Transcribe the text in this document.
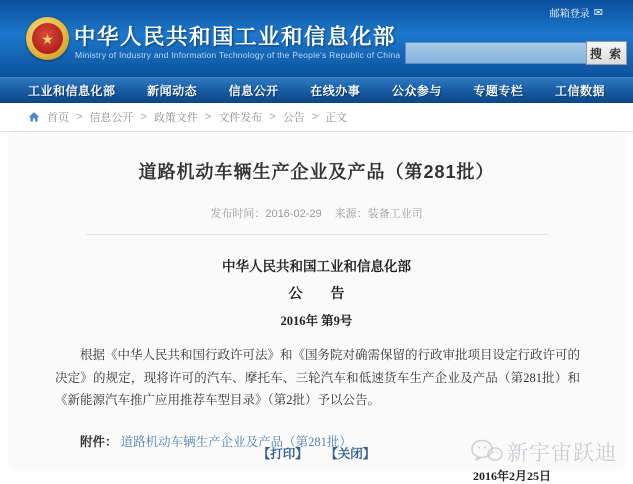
★ 中华人民共和国工业和信息化部
Ministry of Industry and Information Technology of the People's Republic of China
邮箱登录 ✉
搜 索
工业和信息化部	新闻动态	信息公开	在线办事	公众参与	专题专栏	工信数据
首页 > 信息公开 > 政策文件 > 文件发布 > 公告 > 正文
道路机动车辆生产企业及产品（第281批）
发布时间：2016-02-29 来源：装备工业司
中华人民共和国工业和信息化部
公　　告
2016年 第9号
根据《中华人民共和国行政许可法》和《国务院对确需保留的行政审批项目设定行政许可的决定》的规定，现将许可的汽车、摩托车、三轮汽车和低速货车生产企业及产品（第281批）和《新能源汽车推广应用推荐车型目录》（第2批）予以公告。
附件： 道路机动车辆生产企业及产品（第281批）
2016年2月25日
【打印】 【关闭】	新宇宙跃迪
